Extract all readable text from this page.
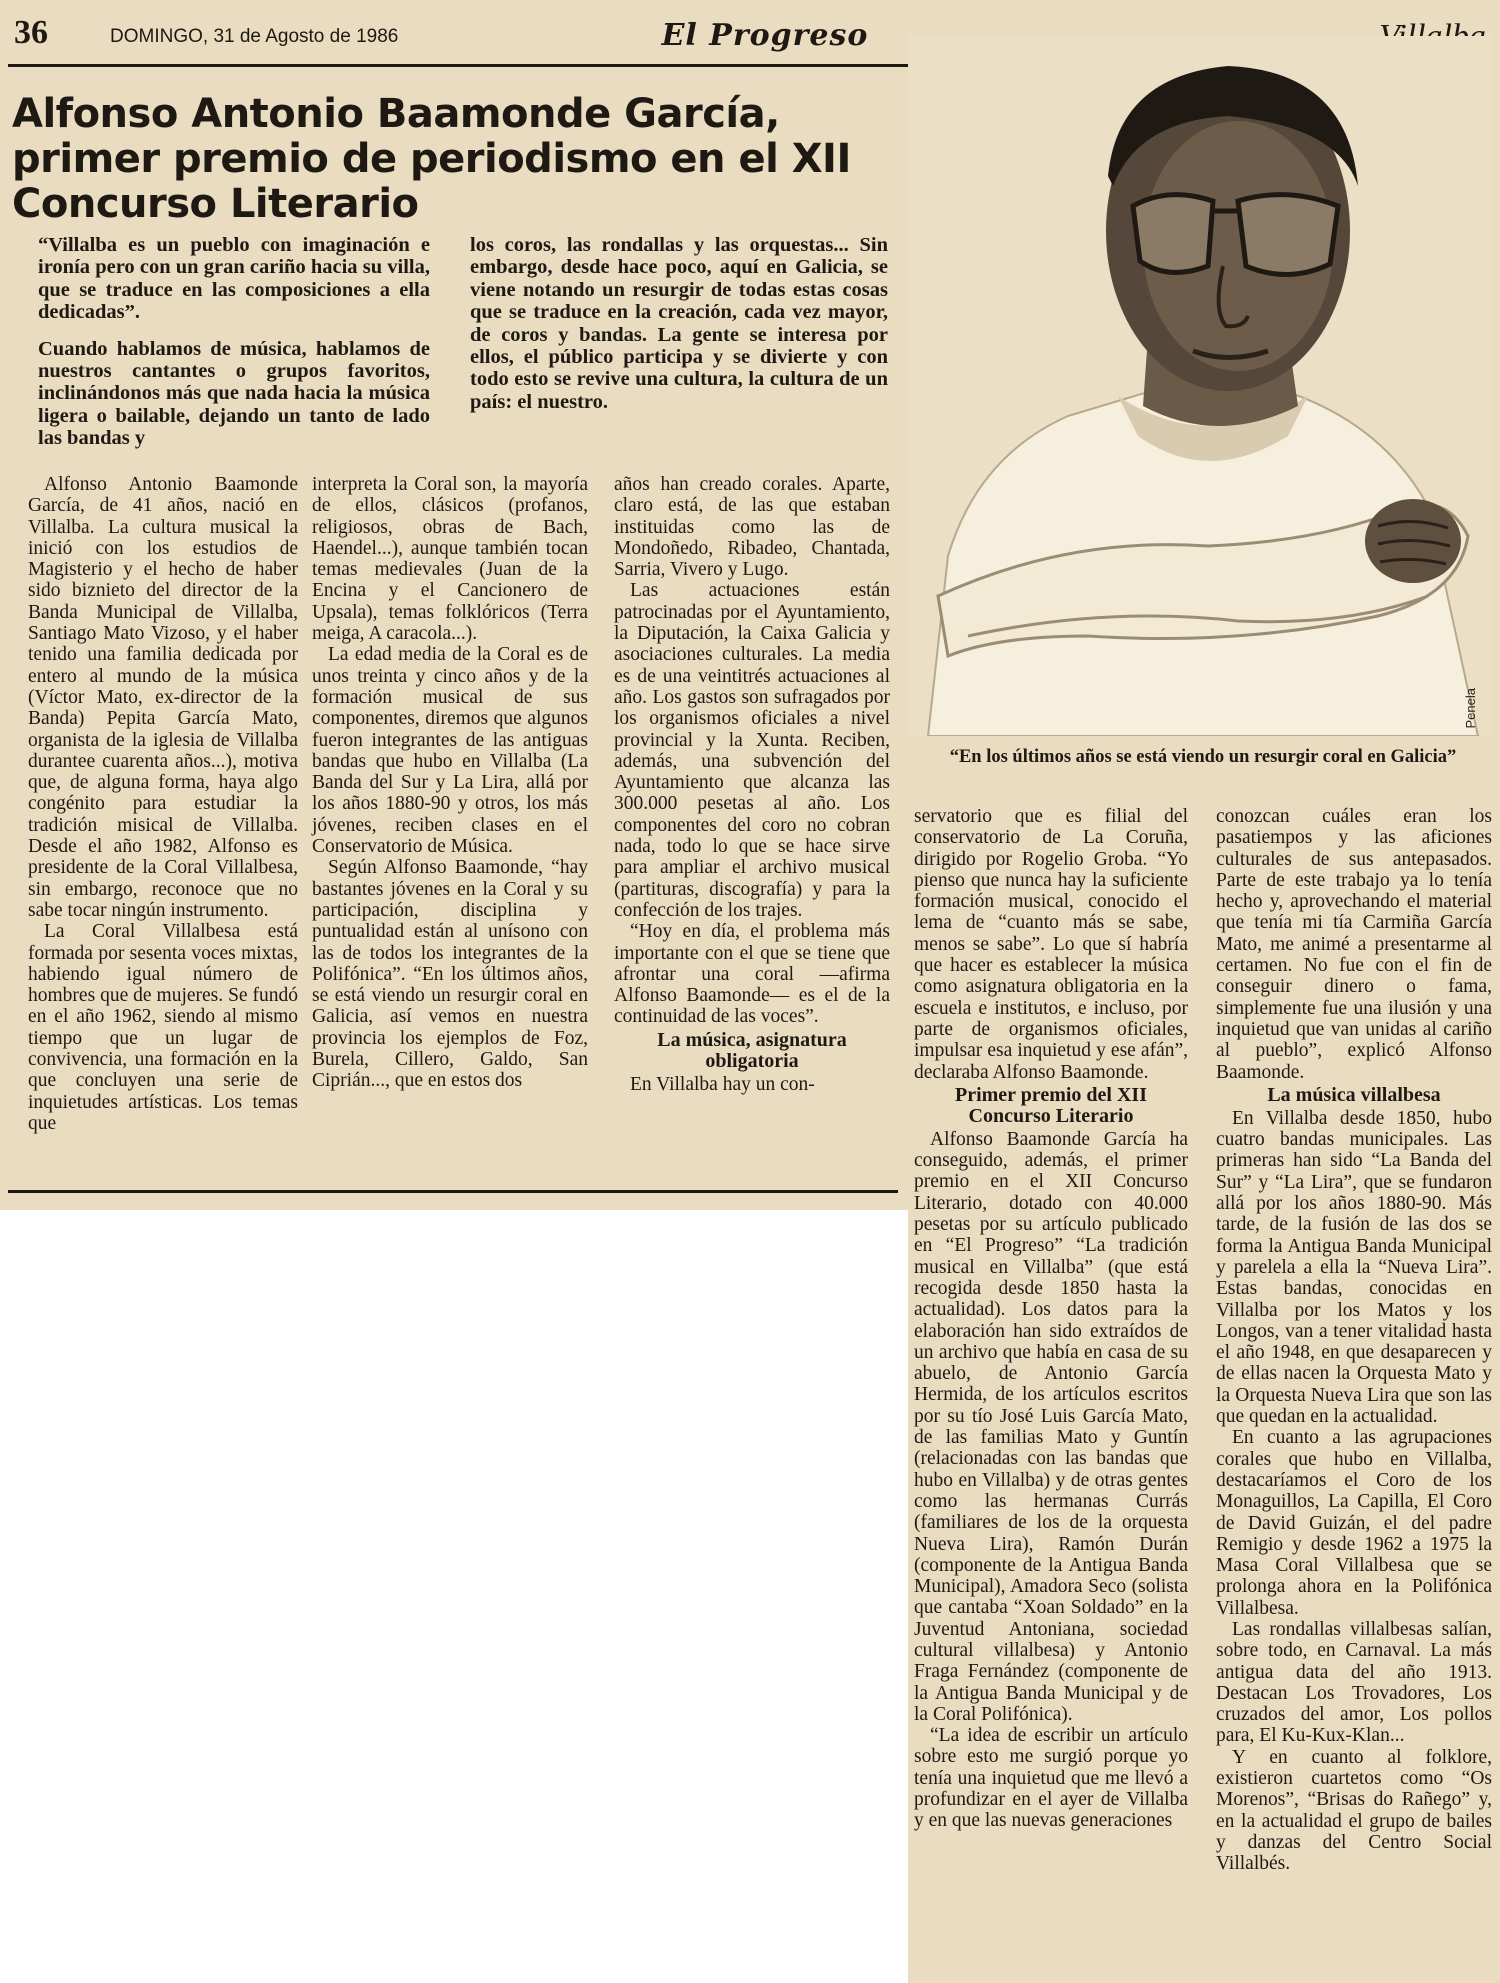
36	DOMINGO, 31 de Agosto de 1986	El Progreso
Alfonso Antonio Baamonde García, primer premio de periodismo en el XII Concurso Literario

“Villalba es un pueblo con imaginación e ironía pero con un gran cariño hacia su villa, que se traduce en las composiciones a ella dedicadas”.

Cuando hablamos de música, hablamos de nuestros cantantes o grupos favoritos, inclinándonos más que nada hacia la música ligera o bailable, dejando un tanto de lado las bandas y

los coros, las rondallas y las orquestas... Sin embargo, desde hace poco, aquí en Galicia, se viene notando un resurgir de todas estas cosas que se traduce en la creación, cada vez mayor, de coros y bandas. La gente se interesa por ellos, el público participa y se divierte y con todo esto se revive una cultura, la cultura de un país: el nuestro.

Alfonso Antonio Baamonde García, de 41 años, nació en Villalba. La cultura musical la inició con los estudios de Magisterio y el hecho de haber sido biznieto del director de la Banda Municipal de Villalba, Santiago Mato Vizoso, y el haber tenido una familia dedicada por entero al mundo de la música (Víctor Mato, ex-director de la Banda) Pepita García Mato, organista de la iglesia de Villalba durantee cuarenta años...), motiva que, de alguna forma, haya algo congénito para estudiar la tradición misical de Villalba. Desde el año 1982, Alfonso es presidente de la Coral Villalbesa, sin embargo, reconoce que no sabe tocar ningún instrumento.

La Coral Villalbesa está formada por sesenta voces mixtas, habiendo igual número de hombres que de mujeres. Se fundó en el año 1962, siendo al mismo tiempo que un lugar de convivencia, una formación en la que concluyen una serie de inquietudes artísticas. Los temas que

interpreta la Coral son, la mayoría de ellos, clásicos (profanos, religiosos, obras de Bach, Haendel...), aunque también tocan temas medievales (Juan de la Encina y el Cancionero de Upsala), temas folklóricos (Terra meiga, A caracola...).

La edad media de la Coral es de unos treinta y cinco años y de la formación musical de sus componentes, diremos que algunos fueron integrantes de las antiguas bandas que hubo en Villalba (La Banda del Sur y La Lira, allá por los años 1880-90 y otros, los más jóvenes, reciben clases en el Conservatorio de Música.

Según Alfonso Baamonde, “hay bastantes jóvenes en la Coral y su participación, disciplina y puntualidad están al unísono con las de todos los integrantes de la Polifónica”. “En los últimos años, se está viendo un resurgir coral en Galicia, así vemos en nuestra provincia los ejemplos de Foz, Burela, Cillero, Galdo, San Ciprián..., que en estos dos

años han creado corales. Aparte, claro está, de las que estaban instituidas como las de Mondoñedo, Ribadeo, Chantada, Sarria, Vivero y Lugo.

Las actuaciones están patrocinadas por el Ayuntamiento, la Diputación, la Caixa Galicia y asociaciones culturales. La media es de una veintitrés actuaciones al año. Los gastos son sufragados por los organismos oficiales a nivel provincial y la Xunta. Reciben, además, una subvención del Ayuntamiento que alcanza las 300.000 pesetas al año. Los componentes del coro no cobran nada, todo lo que se hace sirve para ampliar el archivo musical (partituras, discografía) y para la confección de los trajes.

“Hoy en día, el problema más importante con el que se tiene que afrontar una coral —afirma Alfonso Baamonde— es el de la continuidad de las voces”.

La música, asignatura obligatoria

En Villalba hay un con-

servatorio que es filial del conservatorio de La Coruña, dirigido por Rogelio Groba. “Yo pienso que nunca hay la suficiente formación musical, conocido el lema de “cuanto más se sabe, menos se sabe”. Lo que sí habría que hacer es establecer la música como asignatura obligatoria en la escuela e institutos, e incluso, por parte de organismos oficiales, impulsar esa inquietud y ese afán”, declaraba Alfonso Baamonde.

Primer premio del XII Concurso Literario

Alfonso Baamonde García ha conseguido, además, el primer premio en el XII Concurso Literario, dotado con 40.000 pesetas por su artículo publicado en “El Progreso” “La tradición musical en Villalba” (que está recogida desde 1850 hasta la actualidad). Los datos para la elaboración han sido extraídos de un archivo que había en casa de su abuelo, de Antonio García Hermida, de los artículos escritos por su tío José Luis García Mato, de las familias Mato y Guntín (relacionadas con las bandas que hubo en Villalba) y de otras gentes como las hermanas Currás (familiares de los de la orquesta Nueva Lira), Ramón Durán (componente de la Antigua Banda Municipal), Amadora Seco (solista que cantaba “Xoan Soldado” en la Juventud Antoniana, sociedad cultural villalbesa) y Antonio Fraga Fernández (componente de la Antigua Banda Municipal y de la Coral Polifónica).

“La idea de escribir un artículo sobre esto me surgió porque yo tenía una inquietud que me llevó a profundizar en el ayer de Villalba y en que las nuevas generaciones

conozcan cuáles eran los pasatiempos y las aficiones culturales de sus antepasados. Parte de este trabajo ya lo tenía hecho y, aprovechando el material que tenía mi tía Carmiña García Mato, me animé a presentarme al certamen. No fue con el fin de conseguir dinero o fama, simplemente fue una ilusión y una inquietud que van unidas al cariño al pueblo”, explicó Alfonso Baamonde.

La música villalbesa

En Villalba desde 1850, hubo cuatro bandas municipales. Las primeras han sido “La Banda del Sur” y “La Lira”, que se fundaron allá por los años 1880-90. Más tarde, de la fusión de las dos se forma la Antigua Banda Municipal y parelela a ella la “Nueva Lira”. Estas bandas, conocidas en Villalba por los Matos y los Longos, van a tener vitalidad hasta el año 1948, en que desaparecen y de ellas nacen la Orquesta Mato y la Orquesta Nueva Lira que son las que quedan en la actualidad.

En cuanto a las agrupaciones corales que hubo en Villalba, destacaríamos el Coro de los Monaguillos, La Capilla, El Coro de David Guizán, el del padre Remigio y desde 1962 a 1975 la Masa Coral Villalbesa que se prolonga ahora en la Polifónica Villalbesa.

Las rondallas villalbesas salían, sobre todo, en Carnaval. La más antigua data del año 1913. Destacan Los Trovadores, Los cruzados del amor, Los pollos para, El Ku-Kux-Klan...

Y en cuanto al folklore, existieron cuartetos como “Os Morenos”, “Brisas do Rañego” y, en la actualidad el grupo de bailes y danzas del Centro Social Villalbés.

Penela
“En los últimos años se está viendo un resurgir coral en Galicia”
